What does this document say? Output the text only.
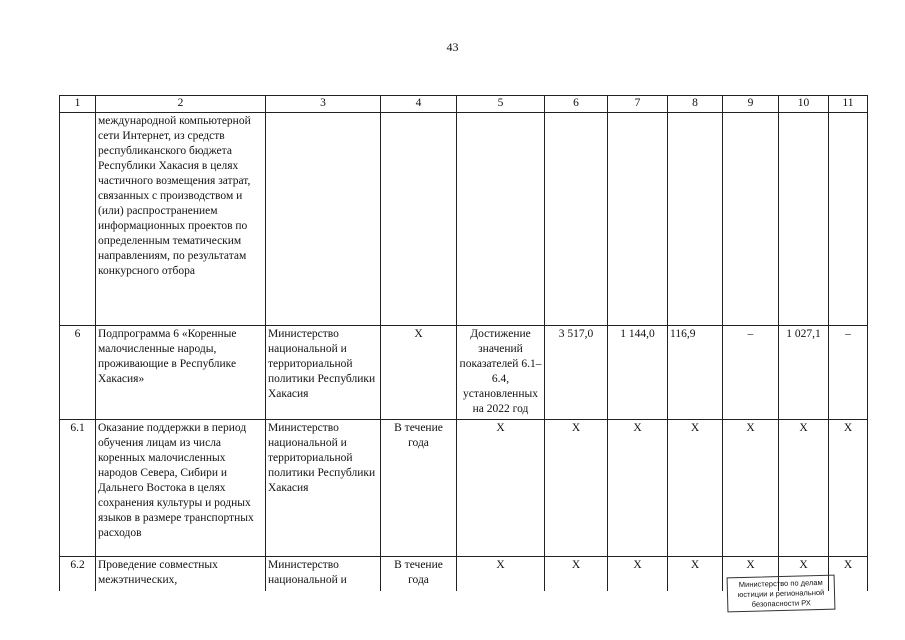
43
1	2	3	4	5	6	7	8	9	10	11
	международной компьютерной сети Интернет, из средств республиканского бюджета Республики Хакасия в целях частичного возмещения затрат, связанных с производством и (или) распространением информационных проектов по определенным тематическим направлениям, по результатам конкурсного отбора									
6	Подпрограмма 6 «Коренные малочисленные народы, проживающие в Республике Хакасия»	Министерство национальной и территориальной политики Республики Хакасия	Х	Достижение значений показателей 6.1–6.4, установленных на 2022 год	3 517,0	1 144,0	116,9	–	1 027,1	–
6.1	Оказание поддержки в период обучения лицам из числа коренных малочисленных народов Севера, Сибири и Дальнего Востока в целях сохранения культуры и родных языков в размере транспортных расходов	Министерство национальной и территориальной политики Республики Хакасия	В течение года	Х	Х	Х	Х	Х	Х	Х
6.2	Проведение совместных межэтнических,	Министерство национальной и	В течение года	Х	Х	Х	Х	Х	Х	Х
Министерство по делам
юстиции и региональной
безопасности РХ
